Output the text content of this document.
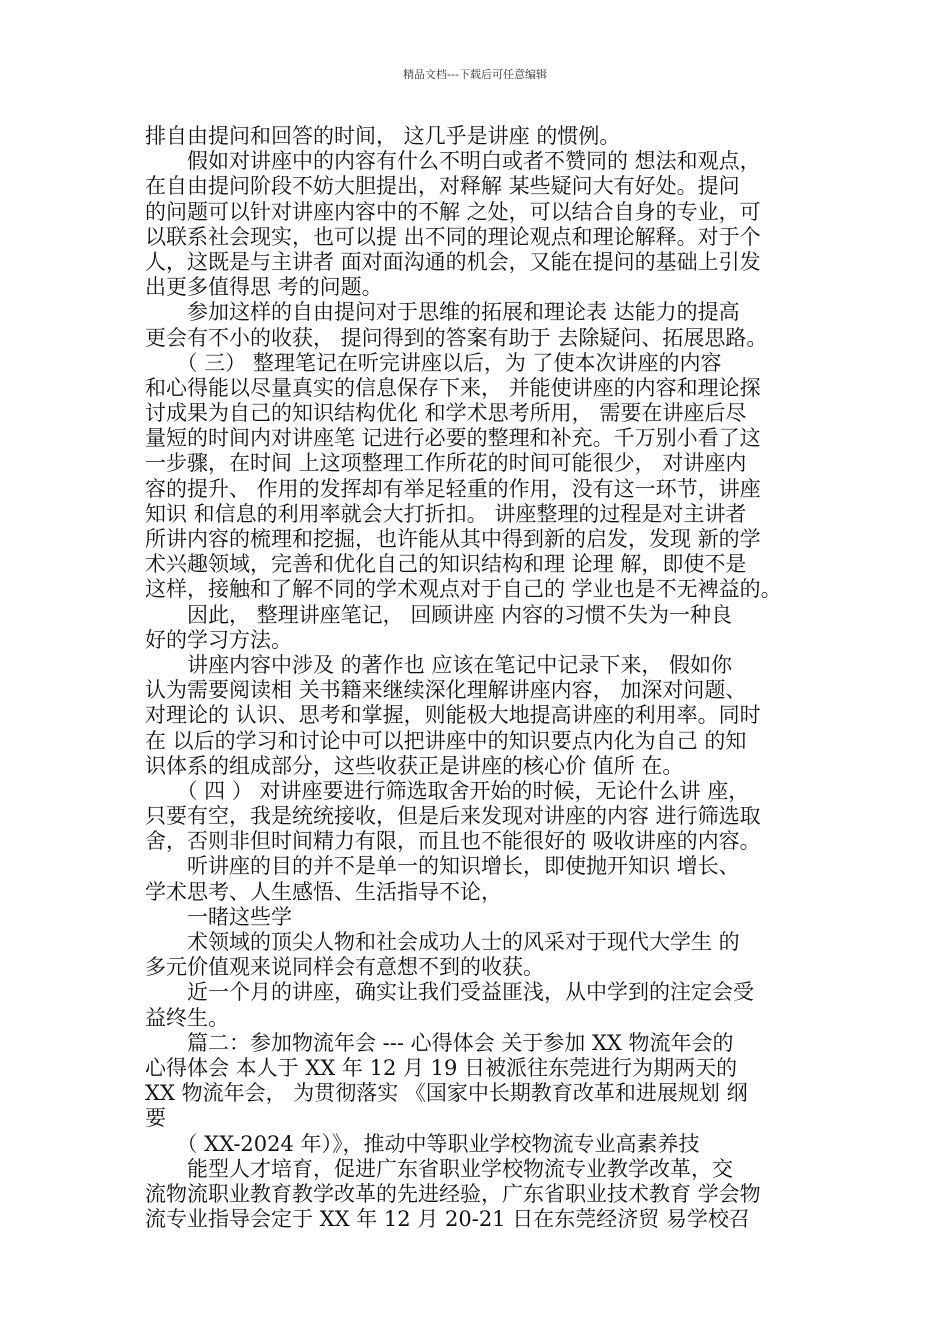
精品文档---下载后可任意编辑
排自由提问和回答的时间， 这几乎是讲座 的惯例。
　　假如对讲座中的内容有什么不明白或者不赞同的 想法和观点，
在自由提问阶段不妨大胆提出，对释解 某些疑问大有好处。提问
的问题可以针对讲座内容中的不解 之处，可以结合自身的专业，可
以联系社会现实，也可以提 出不同的理论观点和理论解释。对于个
人，这既是与主讲者 面对面沟通的机会，又能在提问的基础上引发
出更多值得思 考的问题。
　　参加这样的自由提问对于思维的拓展和理论表 达能力的提高
更会有不小的收获， 提问得到的答案有助于 去除疑问、拓展思路。
　　（ 三） 整理笔记在听完讲座以后，为 了使本次讲座的内容
和心得能以尽量真实的信息保存下来， 并能使讲座的内容和理论探
讨成果为自己的知识结构优化 和学术思考所用， 需要在讲座后尽
量短的时间内对讲座笔 记进行必要的整理和补充。千万别小看了这
一步骤，在时间 上这项整理工作所花的时间可能很少， 对讲座内
容的提升、 作用的发挥却有举足轻重的作用，没有这一环节，讲座
知识 和信息的利用率就会大打折扣。 讲座整理的过程是对主讲者
所讲内容的梳理和挖掘，也许能从其中得到新的启发，发现 新的学
术兴趣领域，完善和优化自己的知识结构和理 论理 解，即使不是
这样，接触和了解不同的学术观点对于自己的 学业也是不无裨益的。
　　因此， 整理讲座笔记， 回顾讲座 内容的习惯不失为一种良
好的学习方法。
　　讲座内容中涉及 的著作也 应该在笔记中记录下来， 假如你
认为需要阅读相 关书籍来继续深化理解讲座内容， 加深对问题、
对理论的 认识、思考和掌握，则能极大地提高讲座的利用率。同时
在 以后的学习和讨论中可以把讲座中的知识要点内化为自己 的知
识体系的组成部分，这些收获正是讲座的核心价 值所 在。
　　（ 四 ） 对讲座要进行筛选取舍开始的时候，无论什么讲 座，
只要有空，我是统统接收，但是后来发现对讲座的内容 进行筛选取
舍，否则非但时间精力有限，而且也不能很好的 吸收讲座的内容。
　　听讲座的目的并不是单一的知识增长，即使抛开知识 增长、
学术思考、人生感悟、生活指导不论，
　　一睹这些学
　　术领域的顶尖人物和社会成功人士的风采对于现代大学生 的
多元价值观来说同样会有意想不到的收获。
　　近一个月的讲座，确实让我们受益匪浅，从中学到的注定会受
益终生。
　　篇二：参加物流年会 --- 心得体会 关于参加 XX 物流年会的
心得体会 本人于 XX 年 12 月 19 日被派往东莞进行为期两天的
XX 物流年会， 为贯彻落实 《国家中长期教育改革和进展规划 纲
要
　　（ XX-2024 年）》，推动中等职业学校物流专业高素养技
　　能型人才培育，促进广东省职业学校物流专业教学改革，交
流物流职业教育教学改革的先进经验，广东省职业技术教育 学会物
流专业指导会定于 XX 年 12 月 20-21 日在东莞经济贸 易学校召
